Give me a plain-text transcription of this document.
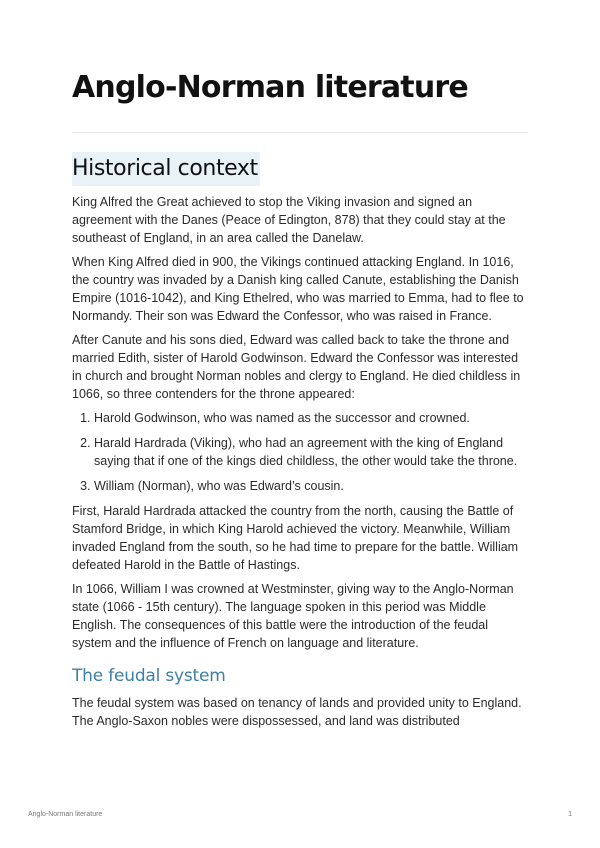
Anglo-Norman literature
Historical context

King Alfred the Great achieved to stop the Viking invasion and signed an agreement with the Danes (Peace of Edington, 878) that they could stay at the southeast of England, in an area called the Danelaw.

When King Alfred died in 900, the Vikings continued attacking England. In 1016, the country was invaded by a Danish king called Canute, establishing the Danish Empire (1016-1042), and King Ethelred, who was married to Emma, had to flee to Normandy. Their son was Edward the Confessor, who was raised in France.

After Canute and his sons died, Edward was called back to take the throne and married Edith, sister of Harold Godwinson. Edward the Confessor was interested in church and brought Norman nobles and clergy to England. He died childless in 1066, so three contenders for the throne appeared:

1. Harold Godwinson, who was named as the successor and crowned.
2. Harald Hardrada (Viking), who had an agreement with the king of England saying that if one of the kings died childless, the other would take the throne.
3. William (Norman), who was Edward’s cousin.

First, Harald Hardrada attacked the country from the north, causing the Battle of Stamford Bridge, in which King Harold achieved the victory. Meanwhile, William invaded England from the south, so he had time to prepare for the battle. William defeated Harold in the Battle of Hastings.

In 1066, William I was crowned at Westminster, giving way to the Anglo-Norman state (1066 - 15th century). The language spoken in this period was Middle English. The consequences of this battle were the introduction of the feudal system and the influence of French on language and literature.

The feudal system

The feudal system was based on tenancy of lands and provided unity to England. The Anglo-Saxon nobles were dispossessed, and land was distributed

Anglo-Norman literature	1
